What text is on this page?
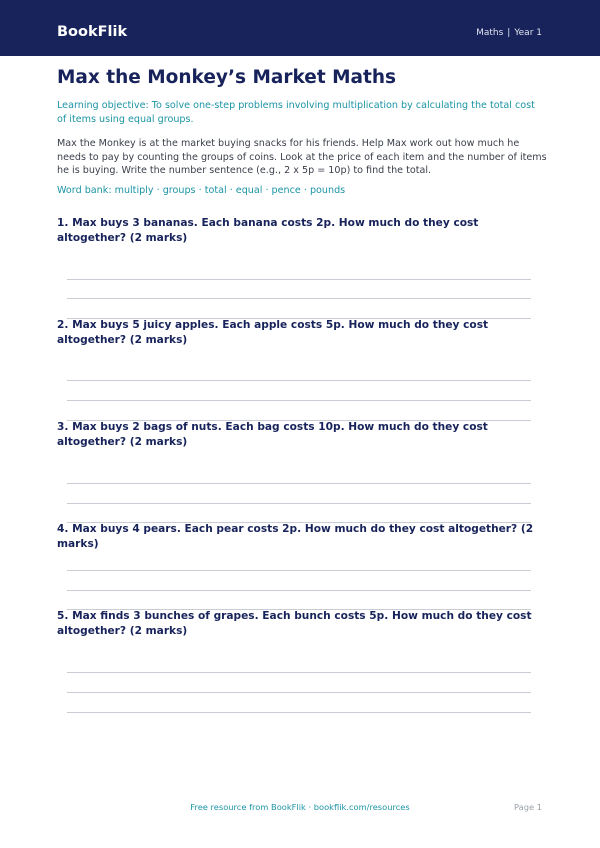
BookFlik	Maths | Year 1
Max the Monkey’s Market Maths

Learning objective: To solve one-step problems involving multiplication by calculating the total cost of items using equal groups.

Max the Monkey is at the market buying snacks for his friends. Help Max work out how much he needs to pay by counting the groups of coins. Look at the price of each item and the number of items he is buying. Write the number sentence (e.g., 2 x 5p = 10p) to find the total.

Word bank: multiply · groups · total · equal · pence · pounds

1. Max buys 3 bananas. Each banana costs 2p. How much do they cost altogether? (2 marks)

2. Max buys 5 juicy apples. Each apple costs 5p. How much do they cost altogether? (2 marks)

3. Max buys 2 bags of nuts. Each bag costs 10p. How much do they cost altogether? (2 marks)

4. Max buys 4 pears. Each pear costs 2p. How much do they cost altogether? (2 marks)

5. Max finds 3 bunches of grapes. Each bunch costs 5p. How much do they cost altogether? (2 marks)

Free resource from BookFlik · bookflik.com/resources	Page 1
